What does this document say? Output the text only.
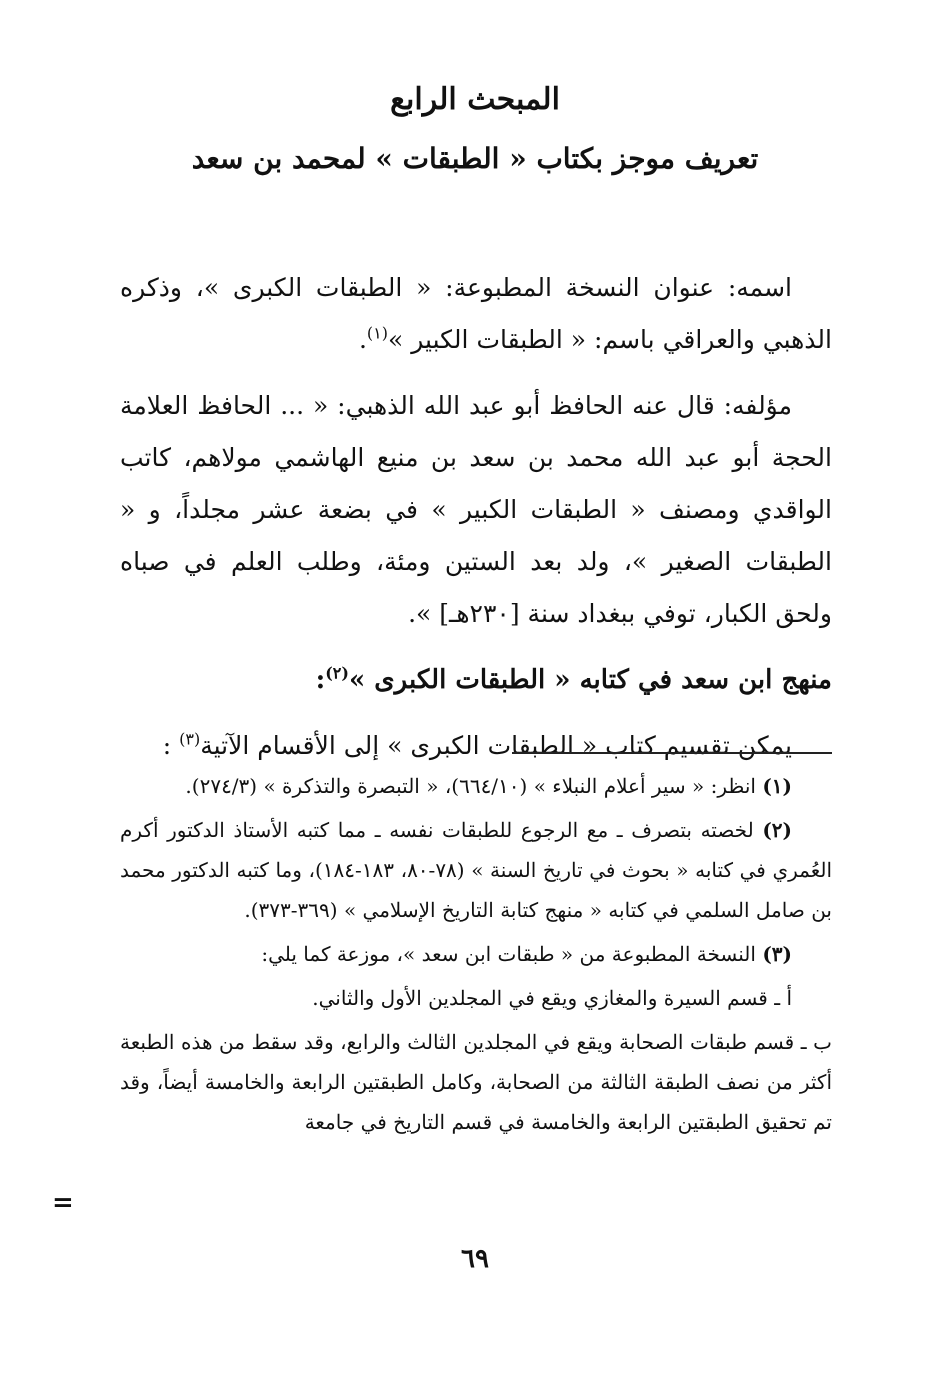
المبحث الرابع
تعريف موجز بكتاب « الطبقات » لمحمد بن سعد

اسمه: عنوان النسخة المطبوعة: « الطبقات الكبرى »، وذكره الذهبي والعراقي باسم: « الطبقات الكبير »$^{(١)}$.

مؤلفه: قال عنه الحافظ أبو عبد الله الذهبي: « ... الحافظ العلامة الحجة أبو عبد الله محمد بن سعد بن منيع الهاشمي مولاهم، كاتب الواقدي ومصنف « الطبقات الكبير » في بضعة عشر مجلداً، و « الطبقات الصغير »، ولد بعد الستين ومئة، وطلب العلم في صباه ولحق الكبار، توفي ببغداد سنة [٢٣٠هـ] ».

منهج ابن سعد في كتابه « الطبقات الكبرى »$^{(٢)}$:

يمكن تقسيم كتاب « الطبقات الكبرى » إلى الأقسام الآتية$^{(٣)}$ :

(١) انظر: « سير أعلام النبلاء » (٦٦٤/١٠)، « التبصرة والتذكرة » (٢٧٤/٣).

(٢) لخصته بتصرف ـ مع الرجوع للطبقات نفسه ـ مما كتبه الأستاذ الدكتور أكرم العُمري في كتابه « بحوث في تاريخ السنة » (٧٨-٨٠، ١٨٣-١٨٤)، وما كتبه الدكتور محمد بن صامل السلمي في كتابه « منهج كتابة التاريخ الإسلامي » (٣٦٩-٣٧٣).

(٣) النسخة المطبوعة من « طبقات ابن سعد »، موزعة كما يلي:

أ ـ قسم السيرة والمغازي ويقع في المجلدين الأول والثاني.

ب ـ قسم طبقات الصحابة ويقع في المجلدين الثالث والرابع، وقد سقط من هذه الطبعة أكثر من نصف الطبقة الثالثة من الصحابة، وكامل الطبقتين الرابعة والخامسة أيضاً، وقد تم تحقيق الطبقتين الرابعة والخامسة في قسم التاريخ في جامعة

=
٦٩
